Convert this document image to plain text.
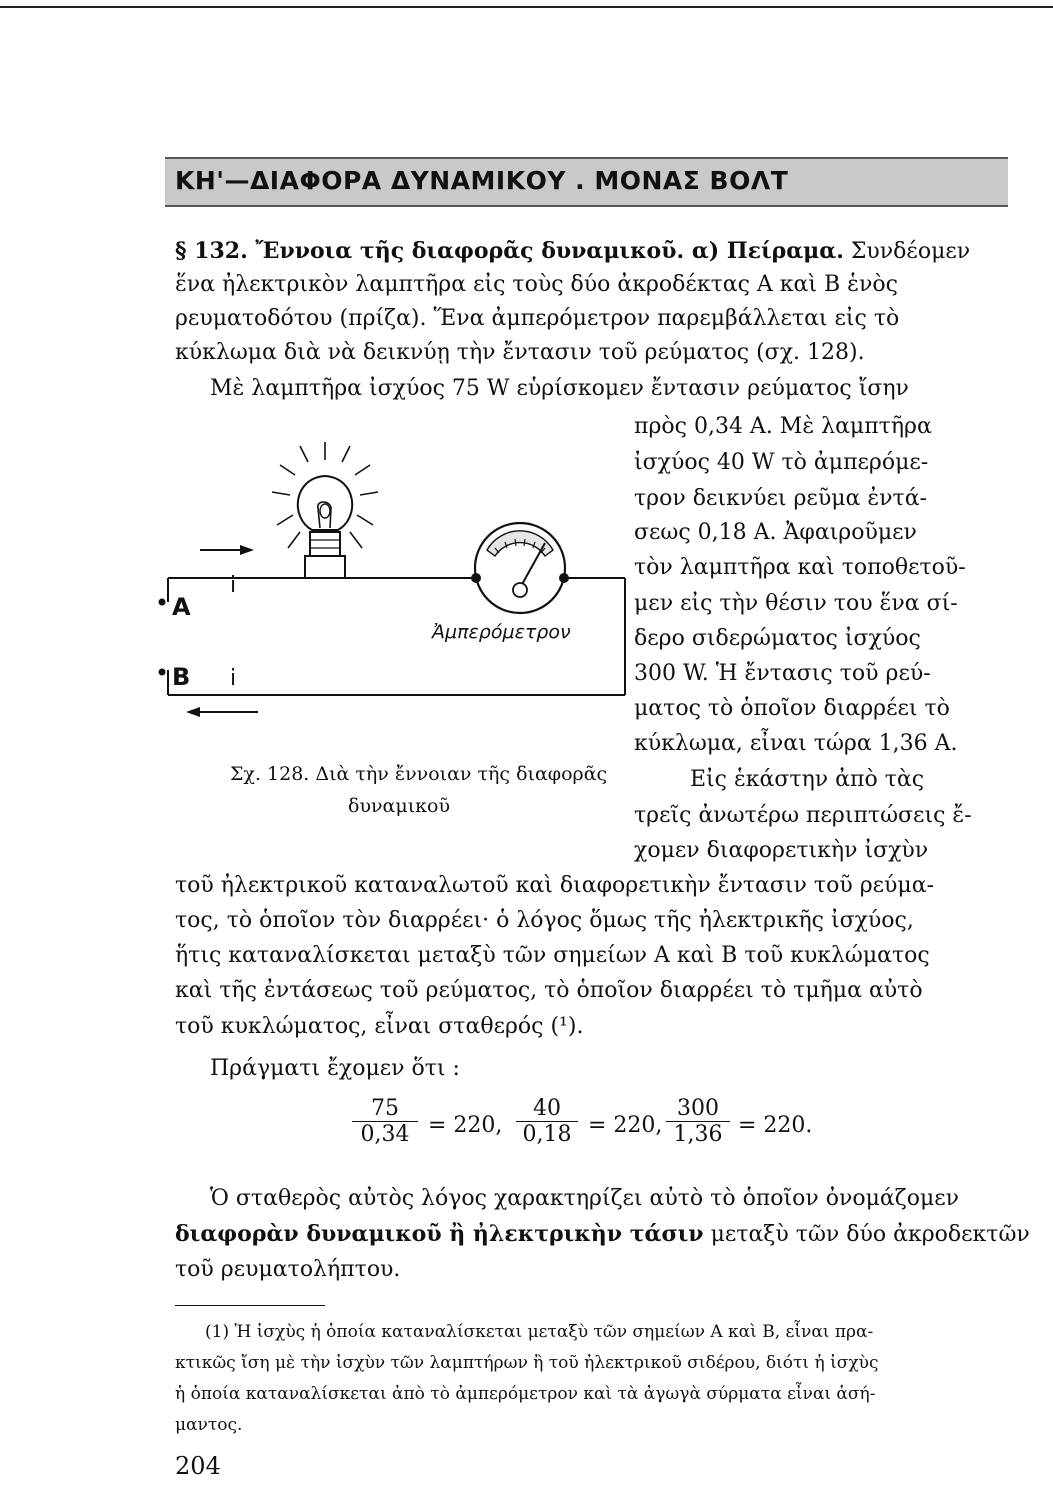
ΚΗ'—ΔΙΑΦΟΡΑ ΔΥΝΑΜΙΚΟΥ . ΜΟΝΑΣ ΒΟΛΤ
§ 132. Ἔννοια τῆς διαφορᾶς δυναμικοῦ. α) Πείραμα. Συνδέομεν
ἕνα ἠλεκτρικὸν λαμπτῆρα εἰς τοὺς δύο ἀκροδέκτας Α καὶ Β ἑνὸς
ρευματοδότου (πρίζα). Ἕνα ἀμπερόμετρον παρεμβάλλεται εἰς τὸ
κύκλωμα διὰ νὰ δεικνύῃ τὴν ἔντασιν τοῦ ρεύματος (σχ. 128).
Μὲ λαμπτῆρα ἰσχύος 75 W εὑρίσκομεν ἔντασιν ρεύματος ἴσην
πρὸς 0,34 Α. Μὲ λαμπτῆρα
ἰσχύος 40 W τὸ ἀμπερόμε-
τρον δεικνύει ρεῦμα ἐντά-
σεως 0,18 Α. Ἀφαιροῦμεν
τὸν λαμπτῆρα καὶ τοποθετοῦ-
μεν εἰς τὴν θέσιν του ἕνα σί-
δερο σιδερώματος ἰσχύος
300 W. Ἡ ἔντασις τοῦ ρεύ-
ματος τὸ ὁποῖον διαρρέει τὸ
κύκλωμα, εἶναι τώρα 1,36 Α.
Εἰς ἑκάστην ἀπὸ τὰς
τρεῖς ἀνωτέρω περιπτώσεις ἔ-
χομεν διαφορετικὴν ἰσχὺν
A
B
i
i
Ἀμπερόμετρον
Σχ. 128. Διὰ τὴν ἔννοιαν τῆς διαφορᾶς
δυναμικοῦ
τοῦ ἠλεκτρικοῦ καταναλωτοῦ καὶ διαφορετικὴν ἔντασιν τοῦ ρεύμα-
τος, τὸ ὁποῖον τὸν διαρρέει· ὁ λόγος ὅμως τῆς ἠλεκτρικῆς ἰσχύος,
ἥτις καταναλίσκεται μεταξὺ τῶν σημείων Α καὶ Β τοῦ κυκλώματος
καὶ τῆς ἐντάσεως τοῦ ρεύματος, τὸ ὁποῖον διαρρέει τὸ τμῆμα αὐτὸ
τοῦ κυκλώματος, εἶναι σταθερός (¹).
Πράγματι ἔχομεν ὅτι :
$\frac{75}{0,34} = 220$, $\frac{40}{0,18} = 220$, $\frac{300}{1,36} = 220$.
Ὁ σταθερὸς αὐτὸς λόγος χαρακτηρίζει αὐτὸ τὸ ὁποῖον ὀνομάζομεν
διαφορὰν δυναμικοῦ ἢ ἠλεκτρικὴν τάσιν μεταξὺ τῶν δύο ἀκροδεκτῶν
τοῦ ρευματολήπτου.
(1) Ἡ ἰσχὺς ἡ ὁποία καταναλίσκεται μεταξὺ τῶν σημείων Α καὶ Β, εἶναι πρα-
κτικῶς ἴση μὲ τὴν ἰσχὺν τῶν λαμπτήρων ἢ τοῦ ἠλεκτρικοῦ σιδέρου, διότι ἡ ἰσχὺς
ἡ ὁποία καταναλίσκεται ἀπὸ τὸ ἀμπερόμετρον καὶ τὰ ἀγωγὰ σύρματα εἶναι ἀσή-
μαντος.
204
